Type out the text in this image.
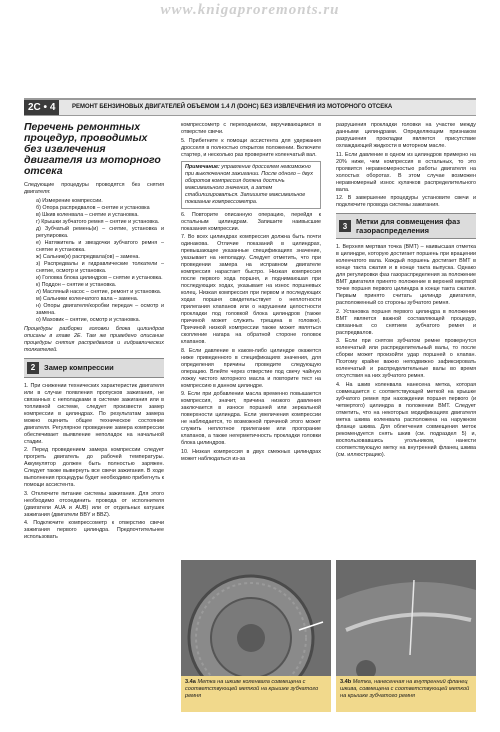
www.knigaproremonts.ru
2C • 4	РЕМОНТ БЕНЗИНОВЫХ ДВИГАТЕЛЕЙ ОБЪЕМОМ 1.4 Л (DOHC) БЕЗ ИЗВЛЕЧЕНИЯ ИЗ МОТОРНОГО ОТСЕКА
Перечень ремонтных процедур, проводимых без извлечения двигателя из моторного отсека

Следующие процедуры проводятся без снятия двигателя:

а) Измерение компрессии.

б) Опора распредвалов – снятие и установка

в) Шкив коленвала – снятие и установка.

г) Крышки зубчатого ремня – снятие и установка.

д) Зубчатый ремень(и) – снятие, установка и регулировка.

е) Натяжитель и звездочки зубчатого ремня – снятие и установка.

ж) Сальник(и) распредвала(ов) – замена.

з) Распредвалы и гидравлические толкатели – снятие, осмотр и установка.

и) Головка блока цилиндров – снятие и установка.

к) Поддон – снятие и установка.

л) Масляный насос – снятие, ремонт и установка.

м) Сальники коленчатого вала – замена.

н) Опоры двигателя/коробки передач – осмотр и замена.

о) Маховик – снятие, осмотр и установка.

Процедуры разборки головки блока цилиндров описаны в главе 2E. Там же приведено описание процедуры снятия распредвалов и гидравлических толкателей.

2	Замер компрессии

1. При снижении технических характеристик двигателя или в случае появления пропусков зажигания, не связанных с неполадками в системе зажигания или в топливной системе, следует произвести замер компрессии в цилиндрах. По результатам замера можно оценить общее техническое состояние двигателя. Регулярное проведение замера компрессии обеспечивает выявление неполадок на начальной стадии.

2. Перед проведением замера компрессии следует прогреть двигатель до рабочей температуры. Аккумулятор должен быть полностью заряжен. Следует также вывернуть все свечи зажигания. В ходе выполнения процедуры будет необходимо прибегнуть к помощи ассистента.

3. Отключите питание системы зажигания. Для этого необходимо отсоединить провода от исполнителя (двигатели AUA и AUB) или от отдельных катушек зажигания (двигатели BBY и BBZ).

4. Подключите компрессометр к отверстию свечи зажигания первого цилиндра. Предпочтительнее использовать

компрессометр с переходником, вкручивающимся в отверстие свечи.

5. Прибегните к помощи ассистента для удержания дросселя в полностью открытом положении. Включите стартер, и несколько раз проверните коленчатый вал.

Примечание: управление дросселем невозможно при выключенном зажигании. После одного – двух оборотов компрессия должна достичь максимального значения, а затем стабилизироваться. Запишите максимальное показание компрессометра.

6. Повторите описанную операцию, перейдя к остальным цилиндрам. Запишите наивысшие показания компрессии.

7. Во всех цилиндрах компрессия должна быть почти одинакова. Отличие показаний в цилиндрах, превышающее указанные спецификациях значение, указывает на неполадку. Следует отметить, что при проведении замера на исправном двигателе компрессия нарастает быстро. Низкая компрессия после первого хода поршня, и поднимаюшая при последующих ходах, указывает на износ поршневых колец. Низкая компрессия при первом и последующих ходах поршня свидетельствует о неплотности прилегания клапанов или о нарушении целостности прокладки под головкой блока цилиндров (также причиной может служить трещина в головке). Причиной низкой компрессии также может являться скопление нагара на обратной стороне головок клапанов.

8. Если давление в каком-либо цилиндре окажется ниже приведенного в спецификациях значения, для определения причины проведите следующую операцию. Влейте через отверстие под свечу чайную ложку чистого моторного масла и повторите тест на компрессию в данном цилиндре.

9. Если при добавлении масла временно повышается компрессия, значит, причина низкого давления заключается в износе поршней или зеркальной поверхности цилиндра. Если увеличения компрессии не наблюдается, то возможной причиной этого может служить неплотное прилегание или прогорание клапанов, а также негерметичность прокладки головки блока цилиндров.

10. Низкая компрессия в двух смежных цилиндрах может наблюдаться из-за

разрушения прокладки головки на участке между данными цилиндрами. Определяющим признаком разрушения прокладки является присутствие охлаждающей жидкости в моторном масле.

11. Если давление в одном из цилиндров примерно на 20% ниже, чем компрессия в остальных, то это проявится неравномерностью работы двигателя на холостых оборотах. В этом случае возможен неравномерный износ кулачков распределительного вала.

12. В завершение процедуры установите свечи и подключите провода системы зажигания.

3	Метки для совмещения фаз газораспределения

1. Верхняя мертвая точка (ВМТ) – наивысшая отметка в цилиндре, которую достигает поршень при вращении коленчатого вала. Каждый поршень достигает ВМТ в конце такта сжатия и в конце такта выпуска. Однако для регулировки фаз газораспределения за положение ВМТ двигателя принято положение в верхней мертвой точке поршня первого цилиндра в конце такта сжатия. Первым принято считать цилиндр двигателя, расположенный со стороны зубчатого ремня.

2. Установка поршня первого цилиндра в положении ВМТ является важной составляющей процедур, связанных со снятием зубчатого ремня и распредвалов.

3. Если при снятом зубчатом ремне провернутся коленчатый или распределительный валы, то после сборки может произойти удар поршней о клапан. Поэтому крайне важно неподвижно зафиксировать коленчатый и распределительные валы во время отсутствия на них зубчатого ремня.

4. На шкив коленвала нанесена метка, которая совмещается с соответствующей меткой на крышке зубчатого ремня при нахождении поршня первого (и четвертого) цилиндра в положении ВМТ. Следует отметить, что на некоторых модификациях двигателя метка шкива коленвала расположена на наружном фланце шкива. Для облегчения совмещения меток рекомендуется снять шкив (см. подраздел 5) и, воспользовавшись угольником, нанести соответствующую метку на внутренний фланец шкива (см. иллюстрацию).

3.4a Метка на шкиве коленвала совмещена с соответствующей меткой на крышке зубчатого ремня
3.4b Метка, нанесенная на внутренний фланец шкива, совмещена с соответствующей меткой на крышке зубчатого ремня
